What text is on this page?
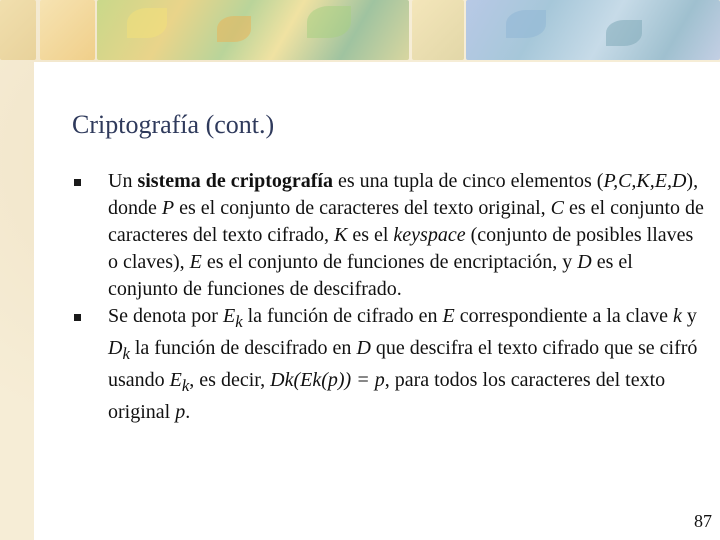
Criptografía (cont.)
Un sistema de criptografía es una tupla de cinco elementos (P,C,K,E,D), donde P es el conjunto de caracteres del texto original, C es el conjunto de caracteres del texto cifrado, K es el keyspace (conjunto de posibles llaves o claves), E es el conjunto de funciones de encriptación, y D es el conjunto de funciones de descifrado.
Se denota por $E_k$ la función de cifrado en E correspondiente a la clave k y $D_k$ la función de descifrado en D que descifra el texto cifrado que se cifró usando $E_k$, es decir, Dk(Ek(p)) = p, para todos los caracteres del texto original p.
87
